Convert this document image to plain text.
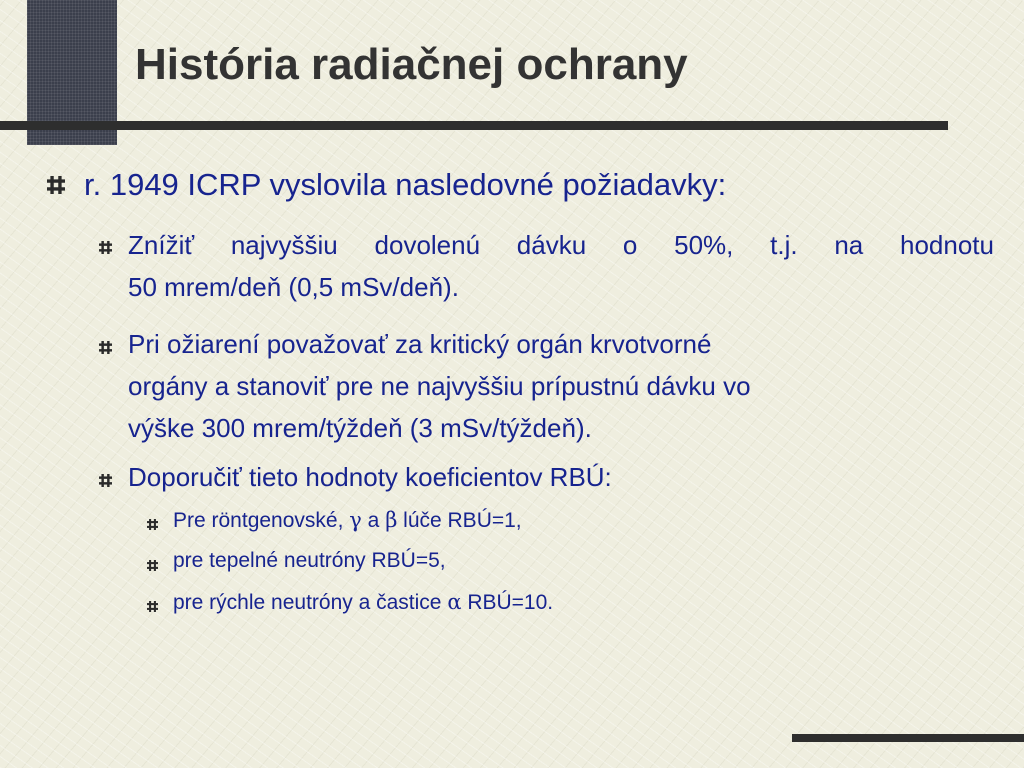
História radiačnej ochrany
r. 1949 ICRP vyslovila nasledovné požiadavky:
Znížiť najvyššiu dovolenú dávku o 50%, t.j. na hodnotu
50 mrem/deň (0,5 mSv/deň).
Pri ožiarení považovať za kritický orgán krvotvorné
orgány a stanoviť pre ne najvyššiu prípustnú dávku vo
výške 300 mrem/týždeň (3 mSv/týždeň).
Doporučiť tieto hodnoty koeficientov RBÚ:
Pre röntgenovské, γ a β lúče RBÚ=1,
pre tepelné neutróny RBÚ=5,
pre rýchle neutróny a častice α RBÚ=10.
